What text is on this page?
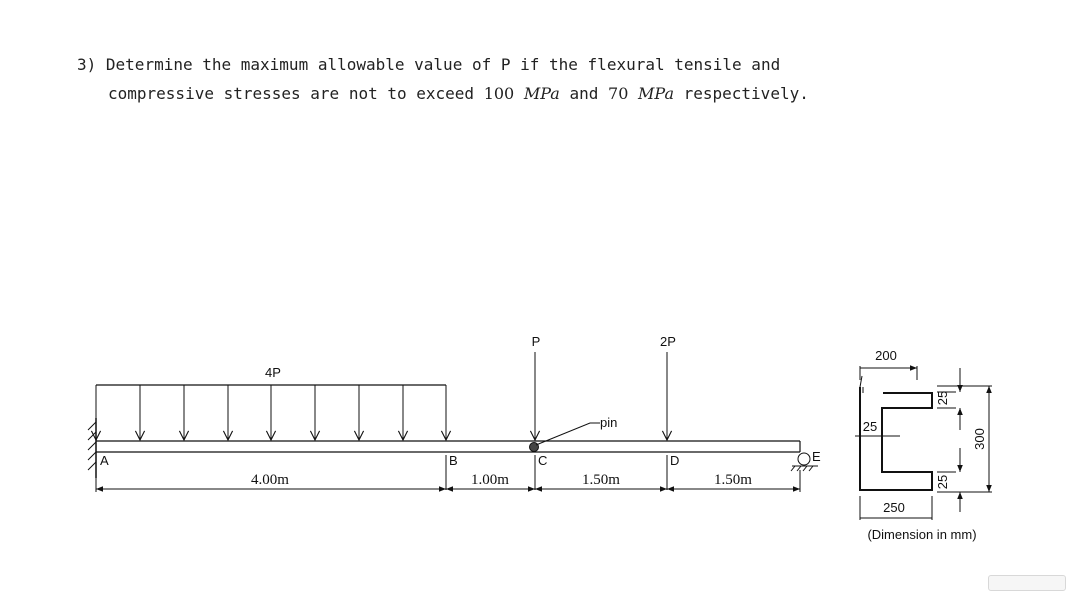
3) Determine the maximum allowable value of P if the flexural tensile and
compressive stresses are not to exceed 100 MPa and 70 MPa respectively.
4P
P
pin
2P
A	B	C	D	E
4.00m	1.00m	1.50m	1.50m
200
250
300
25
25
25
(Dimension in mm)
